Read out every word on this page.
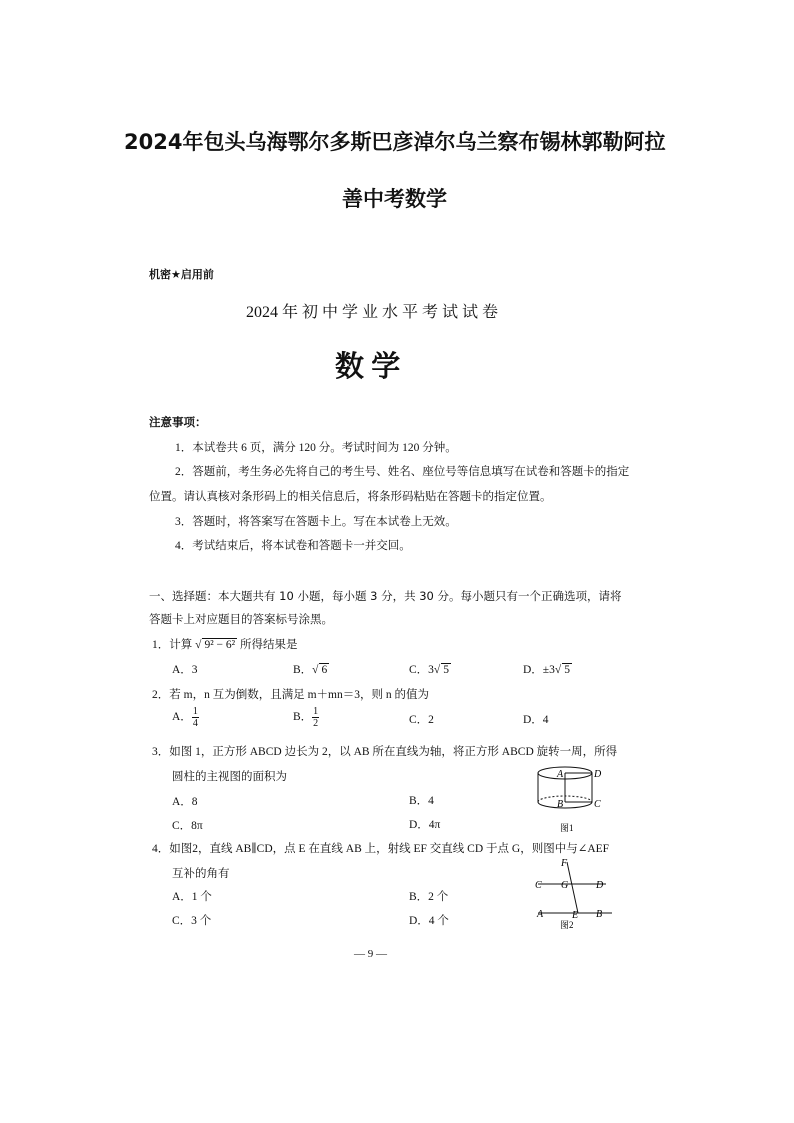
2024年包头乌海鄂尔多斯巴彦淖尔乌兰察布锡林郭勒阿拉
善中考数学
机密★启用前
2024 年 初 中 学 业 水 平 考 试 试 卷
数 学
注意事项：
1．本试卷共 6 页，满分 120 分。考试时间为 120 分钟。
2．答题前，考生务必先将自己的考生号、姓名、座位号等信息填写在试卷和答题卡的指定
位置。请认真核对条形码上的相关信息后，将条形码粘贴在答题卡的指定位置。
3．答题时，将答案写在答题卡上。写在本试卷上无效。
4．考试结束后，将本试卷和答题卡一并交回。
一、选择题：本大题共有 10 小题，每小题 3 分，共 30 分。每小题只有一个正确选项，请将
答题卡上对应题目的答案标号涂黑。
1．计算 √ 9² − 6² 所得结果是
A．3	B．√ 6	C．3√ 5	D．±3√ 5
2．若 m，n 互为倒数，且满足 m＋mn＝3，则 n 的值为
A． $\frac{1}{4}$	B． $\frac{1}{2}$	C．2	D．4
3．如图 1，正方形 ABCD 边长为 2，以 AB 所在直线为轴，将正方形 ABCD 旋转一周，所得
圆柱的主视图的面积为
A．8	B．4
C．8π	D．4π
A	D
B	C
图1
4．如图2，直线 AB∥CD，点 E 在直线 AB 上，射线 EF 交直线 CD 于点 G，则图中与∠AEF
互补的角有
A．1 个	B．2 个
C．3 个	D．4 个
F
C G	D
A	E B
图2
— 9 —
